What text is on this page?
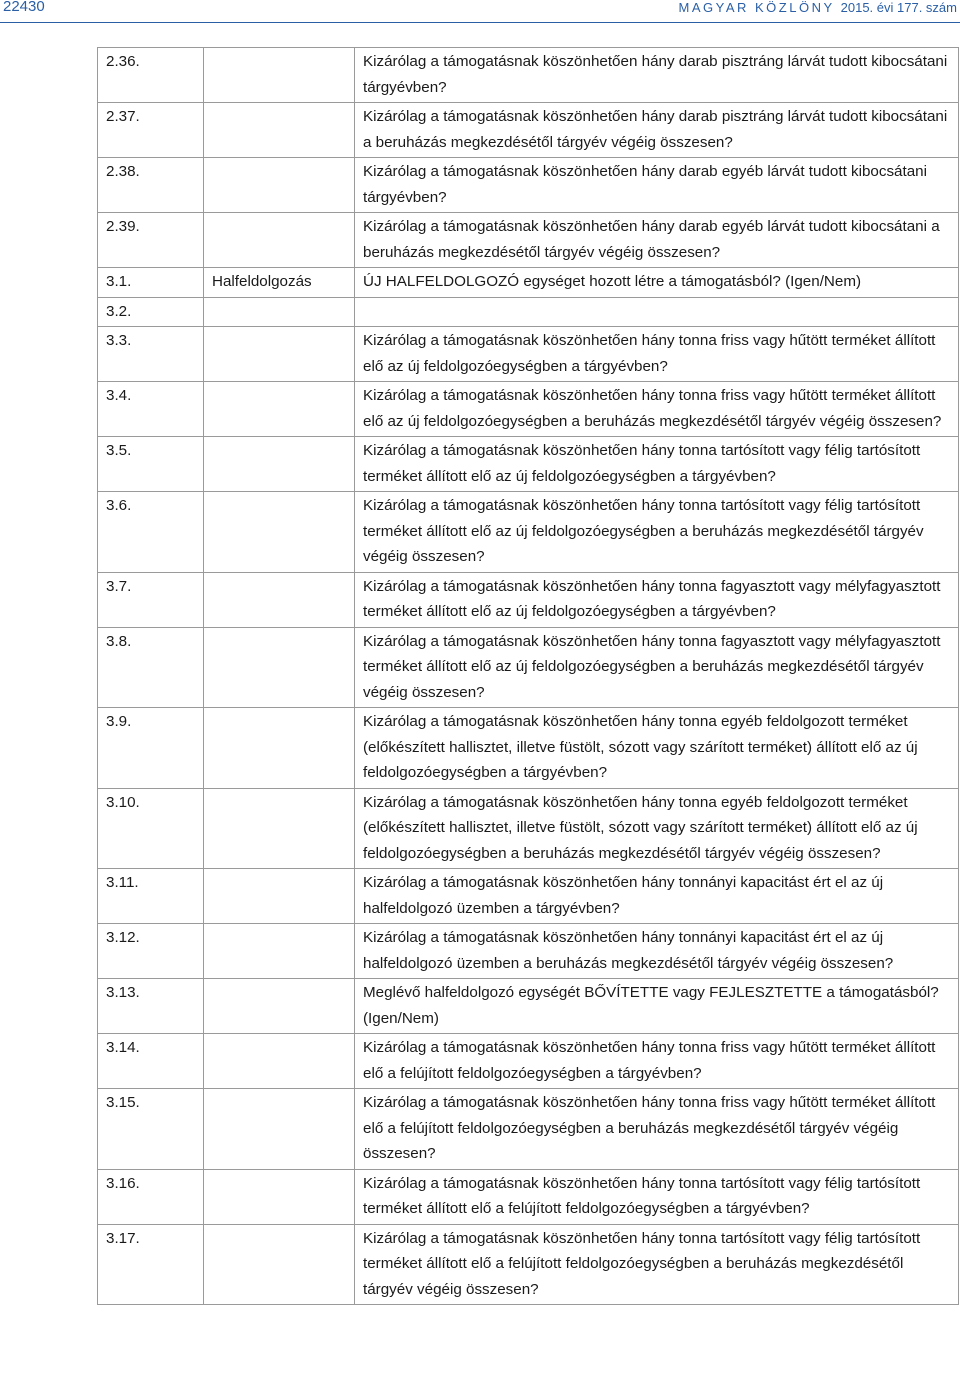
22430	MAGYAR KÖZLÖNY 2015. évi 177. szám
2.36.		Kizárólag a támogatásnak köszönhetően hány darab pisztráng lárvát tudott kibocsátani tárgyévben?
2.37.		Kizárólag a támogatásnak köszönhetően hány darab pisztráng lárvát tudott kibocsátani a beruházás megkezdésétől tárgyév végéig összesen?
2.38.		Kizárólag a támogatásnak köszönhetően hány darab egyéb lárvát tudott kibocsátani tárgyévben?
2.39.		Kizárólag a támogatásnak köszönhetően hány darab egyéb lárvát tudott kibocsátani a beruházás megkezdésétől tárgyév végéig összesen?
3.1.	Halfeldolgozás	ÚJ HALFELDOLGOZÓ egységet hozott létre a támogatásból? (Igen/Nem)
3.2.		
3.3.		Kizárólag a támogatásnak köszönhetően hány tonna friss vagy hűtött terméket állított elő az új feldolgozóegységben a tárgyévben?
3.4.		Kizárólag a támogatásnak köszönhetően hány tonna friss vagy hűtött terméket állított elő az új feldolgozóegységben a beruházás megkezdésétől tárgyév végéig összesen?
3.5.		Kizárólag a támogatásnak köszönhetően hány tonna tartósított vagy félig tartósított terméket állított elő az új feldolgozóegységben a tárgyévben?
3.6.		Kizárólag a támogatásnak köszönhetően hány tonna tartósított vagy félig tartósított terméket állított elő az új feldolgozóegységben a beruházás megkezdésétől tárgyév végéig összesen?
3.7.		Kizárólag a támogatásnak köszönhetően hány tonna fagyasztott vagy mélyfagyasztott terméket állított elő az új feldolgozóegységben a tárgyévben?
3.8.		Kizárólag a támogatásnak köszönhetően hány tonna fagyasztott vagy mélyfagyasztott terméket állított elő az új feldolgozóegységben a beruházás megkezdésétől tárgyév végéig összesen?
3.9.		Kizárólag a támogatásnak köszönhetően hány tonna egyéb feldolgozott terméket (előkészített hallisztet, illetve füstölt, sózott vagy szárított terméket) állított elő az új feldolgozóegységben a tárgyévben?
3.10.		Kizárólag a támogatásnak köszönhetően hány tonna egyéb feldolgozott terméket (előkészített hallisztet, illetve füstölt, sózott vagy szárított terméket) állított elő az új feldolgozóegységben a beruházás megkezdésétől tárgyév végéig összesen?
3.11.		Kizárólag a támogatásnak köszönhetően hány tonnányi kapacitást ért el az új halfeldolgozó üzemben a tárgyévben?
3.12.		Kizárólag a támogatásnak köszönhetően hány tonnányi kapacitást ért el az új halfeldolgozó üzemben a beruházás megkezdésétől tárgyév végéig összesen?
3.13.		Meglévő halfeldolgozó egységét BŐVÍTETTE vagy FEJLESZTETTE a támogatásból? (Igen/Nem)
3.14.		Kizárólag a támogatásnak köszönhetően hány tonna friss vagy hűtött terméket állított elő a felújított feldolgozóegységben a tárgyévben?
3.15.		Kizárólag a támogatásnak köszönhetően hány tonna friss vagy hűtött terméket állított elő a felújított feldolgozóegységben a beruházás megkezdésétől tárgyév végéig összesen?
3.16.		Kizárólag a támogatásnak köszönhetően hány tonna tartósított vagy félig tartósított terméket állított elő a felújított feldolgozóegységben a tárgyévben?
3.17.		Kizárólag a támogatásnak köszönhetően hány tonna tartósított vagy félig tartósított terméket állított elő a felújított feldolgozóegységben a beruházás megkezdésétől tárgyév végéig összesen?
